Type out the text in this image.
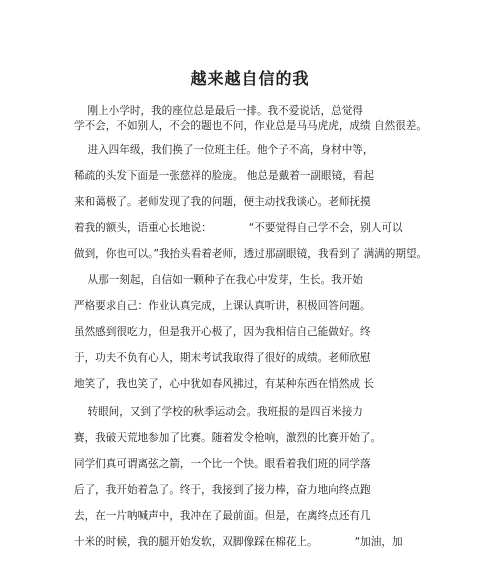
越来越自信的我
刚上小学时，我的座位总是最后一排。我不爱说话，总觉得
学不会，不如别人，不会的题也不问，作业总是马马虎虎，成绩 自然很差。
进入四年级，我们换了一位班主任。他个子不高，身材中等，
稀疏的头发下面是一张慈祥的脸庞。 他总是戴着一副眼镜，看起
来和蔼极了。老师发现了我的问题，便主动找我谈心。老师抚摸
着我的额头，语重心长地说：           “不要觉得自己学不会，别人可以
做到，你也可以。”我抬头看着老师，透过那副眼镜，我看到了 满满的期望。
从那一刻起，自信如一颗种子在我心中发芽，生长。我开始
严格要求自己：作业认真完成，上课认真听讲，积极回答问题。
虽然感到很吃力，但是我开心极了，因为我相信自己能做好。终
于，功夫不负有心人，期末考试我取得了很好的成绩。老师欣慰
地笑了，我也笑了，心中犹如春风拂过，有某种东西在悄然成 长
转眼间，又到了学校的秋季运动会。我班报的是四百米接力
赛，我破天荒地参加了比赛。随着发令枪响，激烈的比赛开始了。
同学们真可谓离弦之箭，一个比一个快。眼看着我们班的同学落
后了，我开始着急了。终于，我接到了接力棒，奋力地向终点跑
去，在一片呐喊声中，我冲在了最前面。但是，在离终点还有几
十米的时候，我的腿开始发软，双脚像踩在棉花上。           “加油，加
